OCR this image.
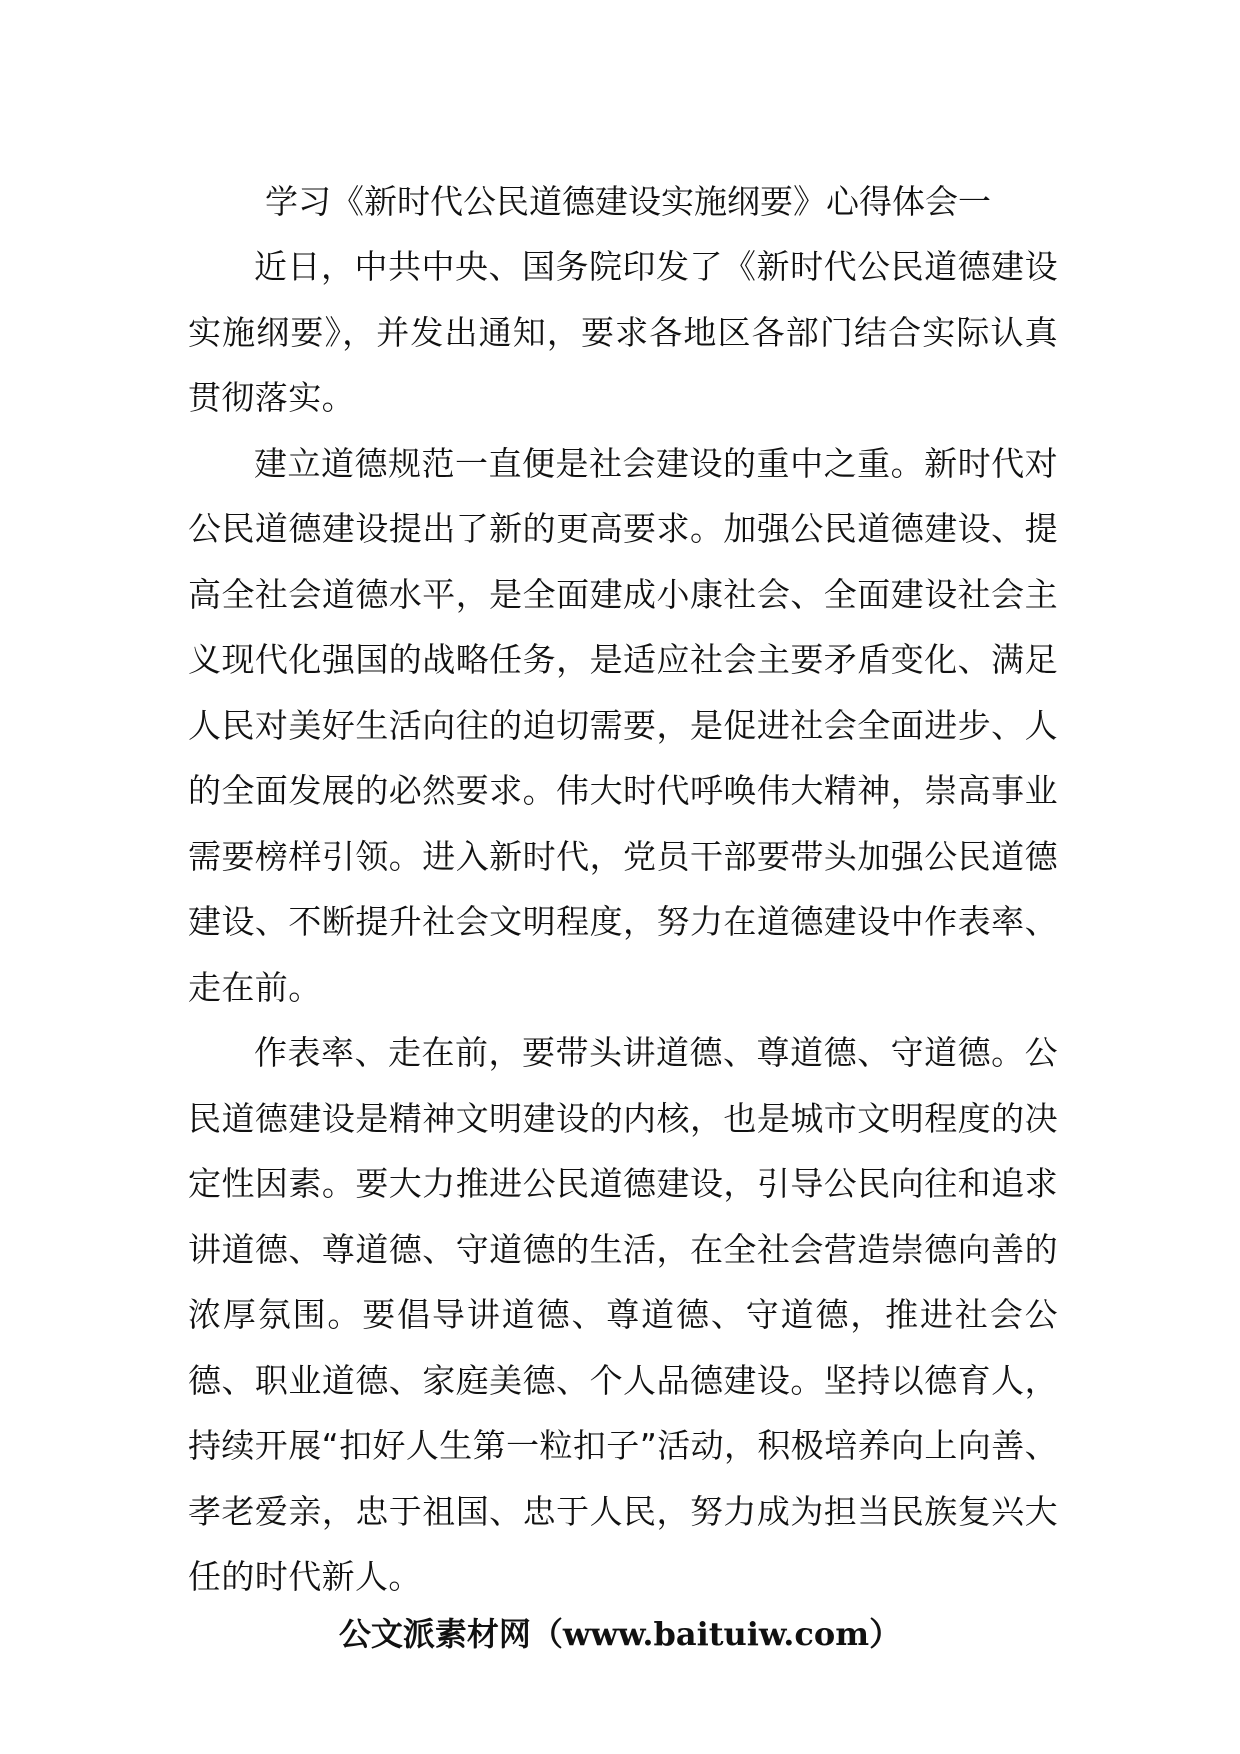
学习《新时代公民道德建设实施纲要》心得体会一

近日，中共中央、国务院印发了《新时代公民道德建设实施纲要》，并发出通知，要求各地区各部门结合实际认真贯彻落实。

建立道德规范一直便是社会建设的重中之重。新时代对公民道德建设提出了新的更高要求。加强公民道德建设、提高全社会道德水平，是全面建成小康社会、全面建设社会主义现代化强国的战略任务，是适应社会主要矛盾变化、满足人民对美好生活向往的迫切需要，是促进社会全面进步、人的全面发展的必然要求。伟大时代呼唤伟大精神，崇高事业需要榜样引领。进入新时代，党员干部要带头加强公民道德建设、不断提升社会文明程度，努力在道德建设中作表率、走在前。

作表率、走在前，要带头讲道德、尊道德、守道德。公民道德建设是精神文明建设的内核，也是城市文明程度的决定性因素。要大力推进公民道德建设，引导公民向往和追求讲道德、尊道德、守道德的生活，在全社会营造崇德向善的浓厚氛围。要倡导讲道德、尊道德、守道德，推进社会公德、职业道德、家庭美德、个人品德建设。坚持以德育人，持续开展“扣好人生第一粒扣子”活动，积极培养向上向善、孝老爱亲，忠于祖国、忠于人民，努力成为担当民族复兴大任的时代新人。

公文派素材网（www.baituiw.com）
